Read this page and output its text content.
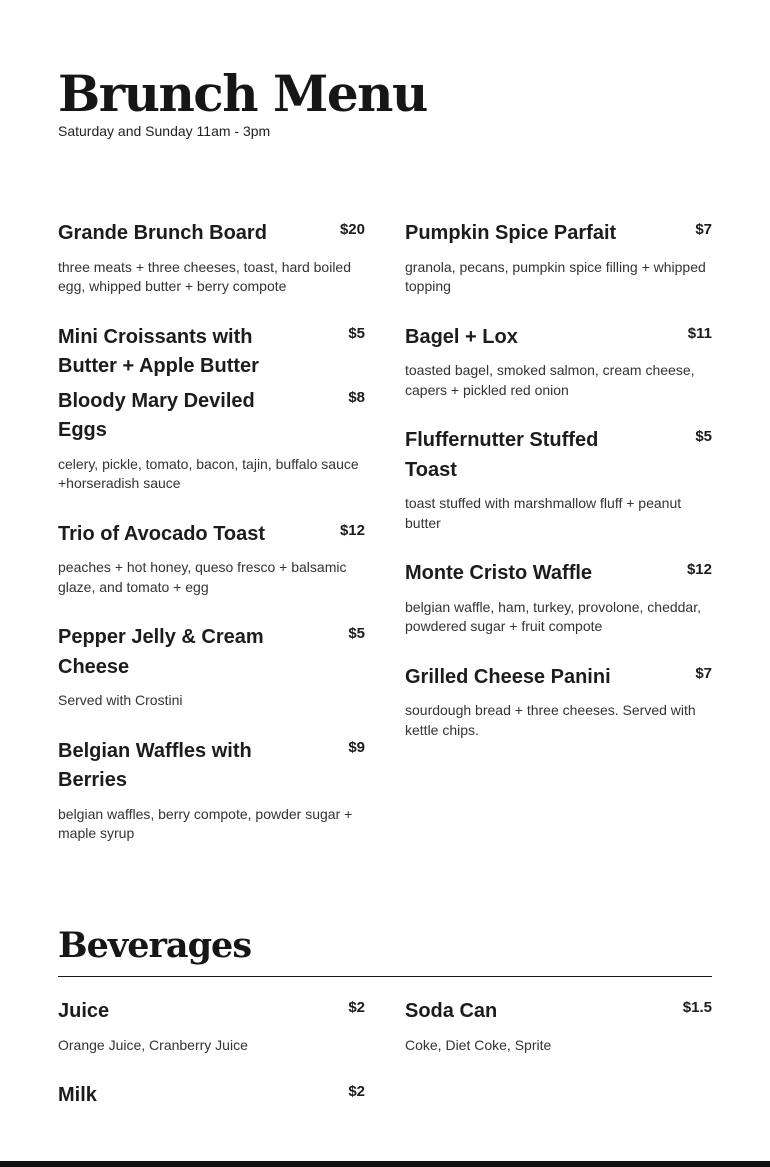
Brunch Menu
Saturday and Sunday 11am - 3pm
Grande Brunch Board	$20
three meats + three cheeses, toast, hard boiled egg, whipped butter + berry compote
Mini Croissants with Butter + Apple Butter
$5
Bloody Mary Deviled Eggs
$8
celery, pickle, tomato, bacon, tajin, buffalo sauce +horseradish sauce
Trio of Avocado Toast	$12
peaches + hot honey, queso fresco + balsamic glaze, and tomato + egg
Pepper Jelly & Cream Cheese
$5
Served with Crostini
Belgian Waffles with Berries
$9
belgian waffles, berry compote, powder sugar + maple syrup
Pumpkin Spice Parfait	$7
granola, pecans, pumpkin spice filling + whipped topping
Bagel + Lox	$11
toasted bagel, smoked salmon, cream cheese, capers + pickled red onion
Fluffernutter Stuffed Toast
$5
toast stuffed with marshmallow fluff + peanut butter
Monte Cristo Waffle	$12
belgian waffle, ham, turkey, provolone, cheddar, powdered sugar + fruit compote
Grilled Cheese Panini	$7
sourdough bread + three cheeses. Served with kettle chips.
Beverages
Juice	$2
Orange Juice, Cranberry Juice
Milk	$2
Soda Can	$1.5
Coke, Diet Coke, Sprite
